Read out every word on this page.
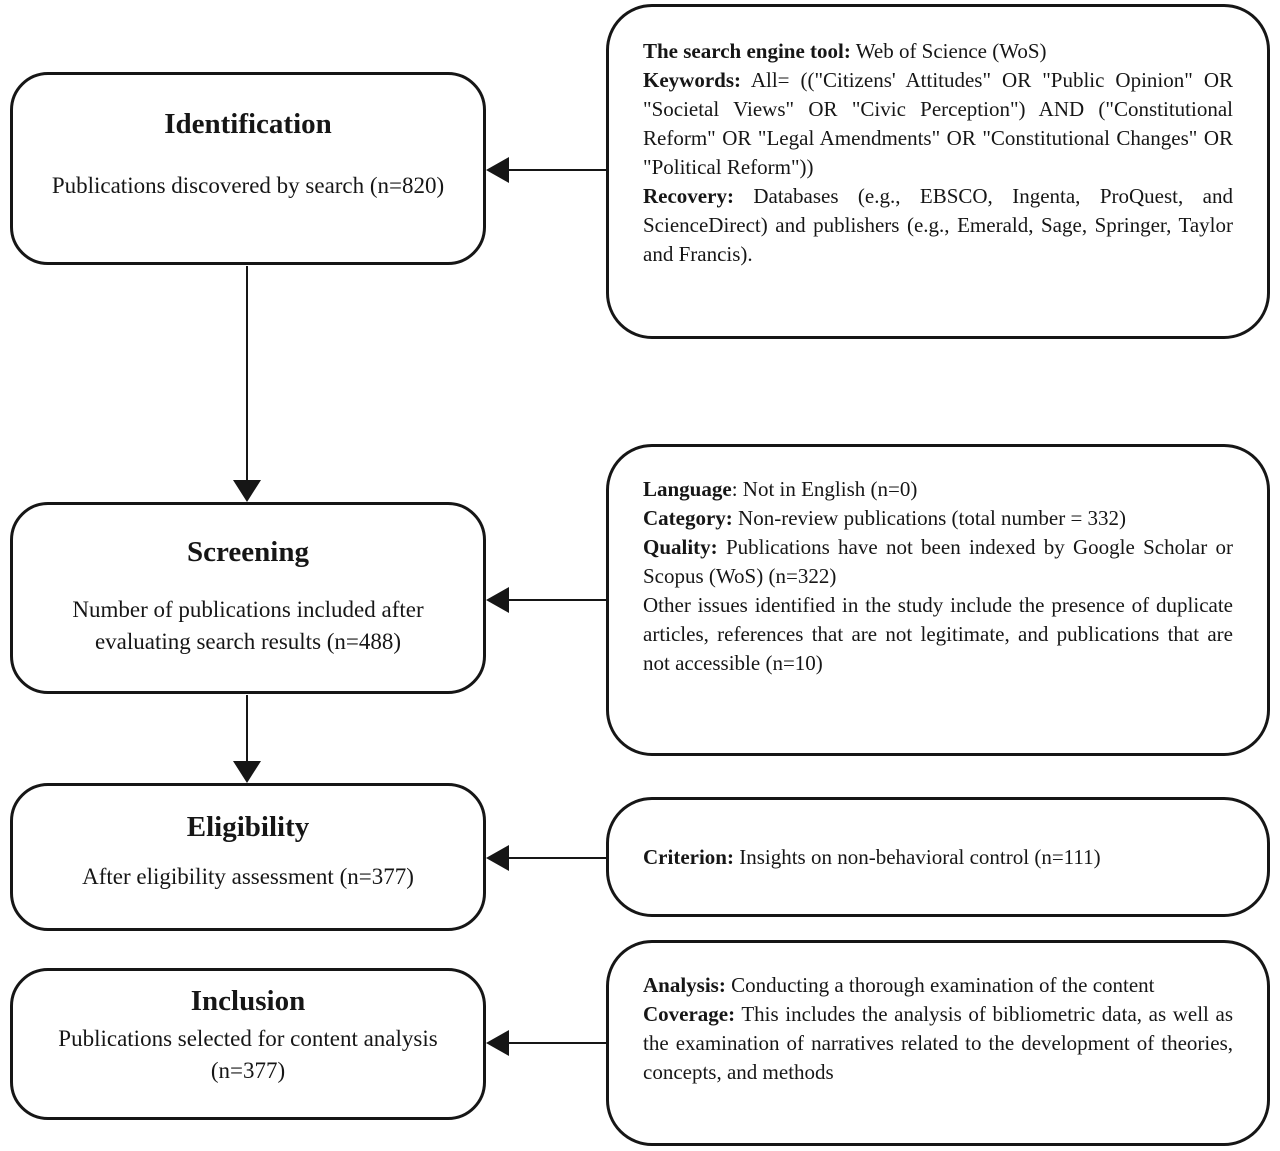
Identification
Publications discovered by search (n=820)
Screening
Number of publications included after evaluating search results (n=488)
Eligibility
After eligibility assessment (n=377)
Inclusion
Publications selected for content analysis (n=377)

The search engine tool: Web of Science (WoS)

Keywords: All= (("Citizens' Attitudes" OR "Public Opinion" OR "Societal Views" OR "Civic Perception") AND ("Constitutional Reform" OR "Legal Amendments" OR "Constitutional Changes" OR "Political Reform"))

Recovery: Databases (e.g., EBSCO, Ingenta, ProQuest, and ScienceDirect) and publishers (e.g., Emerald, Sage, Springer, Taylor and Francis).

Language: Not in English (n=0)

Category: Non-review publications (total number = 332)

Quality: Publications have not been indexed by Google Scholar or Scopus (WoS) (n=322)

Other issues identified in the study include the presence of duplicate articles, references that are not legitimate, and publications that are not accessible (n=10)

Criterion: Insights on non-behavioral control (n=111)

Analysis: Conducting a thorough examination of the content

Coverage: This includes the analysis of bibliometric data, as well as the examination of narratives related to the development of theories, concepts, and methods
